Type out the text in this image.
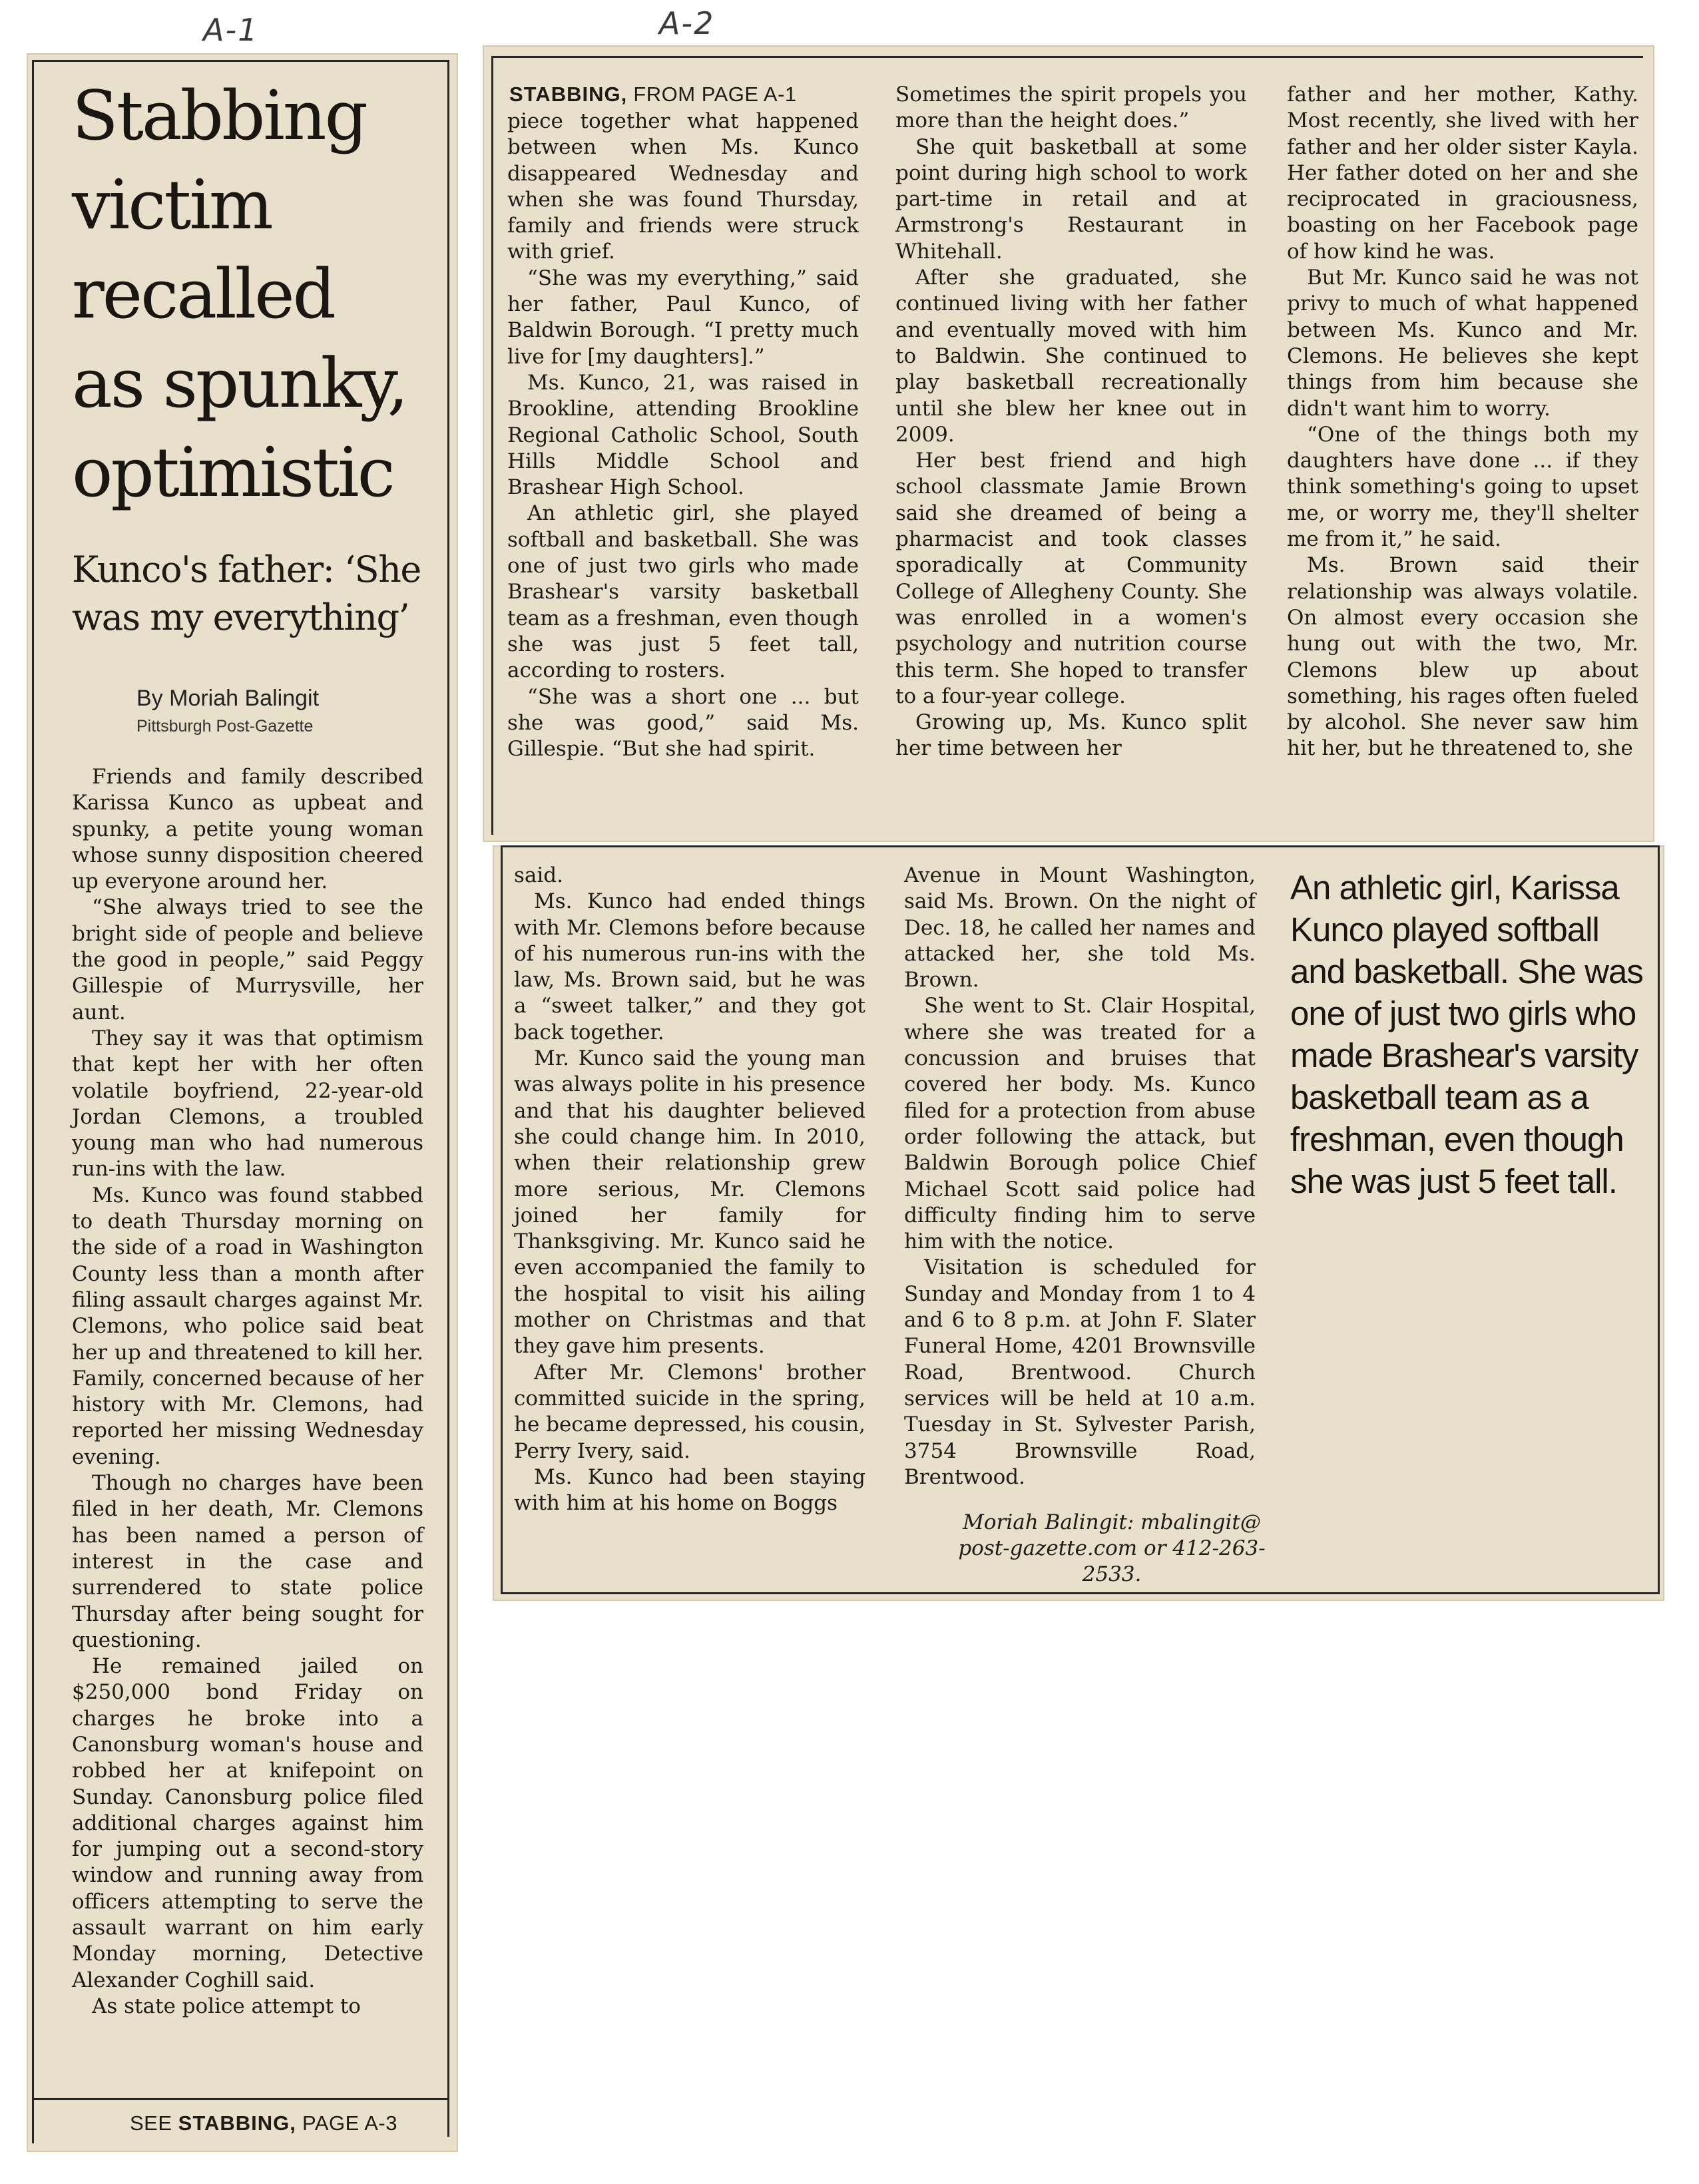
A-1	A-2
Stabbing
victim
recalled
as spunky,
optimistic
Kunco's father: ‘She was my everything’
By Moriah Balingit
Pittsburgh Post-Gazette

Friends and family described Karissa Kunco as upbeat and spunky, a petite young woman whose sunny disposition cheered up everyone around her.

“She always tried to see the bright side of people and believe the good in people,” said Peggy Gillespie of Murrysville, her aunt.

They say it was that optimism that kept her with her often volatile boyfriend, 22-year-old Jordan Clemons, a troubled young man who had numerous run-ins with the law.

Ms. Kunco was found stabbed to death Thursday morning on the side of a road in Washington County less than a month after filing assault charges against Mr. Clemons, who police said beat her up and threatened to kill her. Family, concerned because of her history with Mr. Clemons, had reported her missing Wednesday evening.

Though no charges have been filed in her death, Mr. Clemons has been named a person of interest in the case and surrendered to state police Thursday after being sought for questioning.

He remained jailed on $250,000 bond Friday on charges he broke into a Canonsburg woman's house and robbed her at knifepoint on Sunday. Canonsburg police filed additional charges against him for jumping out a second-story window and running away from officers attempting to serve the assault warrant on him early Monday morning, Detective Alexander Coghill said.

As state police attempt to

SEE STABBING, PAGE A-3
STABBING, FROM PAGE A-1

piece together what happened between when Ms. Kunco disappeared Wednesday and when she was found Thursday, family and friends were struck with grief.

“She was my everything,” said her father, Paul Kunco, of Baldwin Borough. “I pretty much live for [my daughters].”

Ms. Kunco, 21, was raised in Brookline, attending Brookline Regional Catholic School, South Hills Middle School and Brashear High School.

An athletic girl, she played softball and basketball. She was one of just two girls who made Brashear's varsity basketball team as a freshman, even though she was just 5 feet tall, according to rosters.

“She was a short one ... but she was good,” said Ms. Gillespie. “But she had spirit.

Sometimes the spirit propels you more than the height does.”

She quit basketball at some point during high school to work part-time in retail and at Armstrong's Restaurant in Whitehall.

After she graduated, she continued living with her father and eventually moved with him to Baldwin. She continued to play basketball recreationally until she blew her knee out in 2009.

Her best friend and high school classmate Jamie Brown said she dreamed of being a pharmacist and took classes sporadically at Community College of Allegheny County. She was enrolled in a women's psychology and nutrition course this term. She hoped to transfer to a four-year college.

Growing up, Ms. Kunco split her time between her

father and her mother, Kathy. Most recently, she lived with her father and her older sister Kayla. Her father doted on her and she reciprocated in graciousness, boasting on her Facebook page of how kind he was.

But Mr. Kunco said he was not privy to much of what happened between Ms. Kunco and Mr. Clemons. He believes she kept things from him because she didn't want him to worry.

“One of the things both my daughters have done ... if they think something's going to upset me, or worry me, they'll shelter me from it,” he said.

Ms. Brown said their relationship was always volatile. On almost every occasion she hung out with the two, Mr. Clemons blew up about something, his rages often fueled by alcohol. She never saw him hit her, but he threatened to, she

said.

Ms. Kunco had ended things with Mr. Clemons before because of his numerous run-ins with the law, Ms. Brown said, but he was a “sweet talker,” and they got back together.

Mr. Kunco said the young man was always polite in his presence and that his daughter believed she could change him. In 2010, when their relationship grew more serious, Mr. Clemons joined her family for Thanksgiving. Mr. Kunco said he even accompanied the family to the hospital to visit his ailing mother on Christmas and that they gave him presents.

After Mr. Clemons' brother committed suicide in the spring, he became depressed, his cousin, Perry Ivery, said.

Ms. Kunco had been staying with him at his home on Boggs

Avenue in Mount Washington, said Ms. Brown. On the night of Dec. 18, he called her names and attacked her, she told Ms. Brown.

She went to St. Clair Hospital, where she was treated for a concussion and bruises that covered her body. Ms. Kunco filed for a protection from abuse order following the attack, but Baldwin Borough police Chief Michael Scott said police had difficulty finding him to serve him with the notice.

Visitation is scheduled for Sunday and Monday from 1 to 4 and 6 to 8 p.m. at John F. Slater Funeral Home, 4201 Brownsville Road, Brentwood. Church services will be held at 10 a.m. Tuesday in St. Sylvester Parish, 3754 Brownsville Road, Brentwood.

Moriah Balingit: mbalingit@
post-gazette.com or 412-263-2533.
An athletic girl, Karissa Kunco played softball and basketball. She was one of just two girls who made Brashear's varsity basketball team as a freshman, even though she was just 5 feet tall.
